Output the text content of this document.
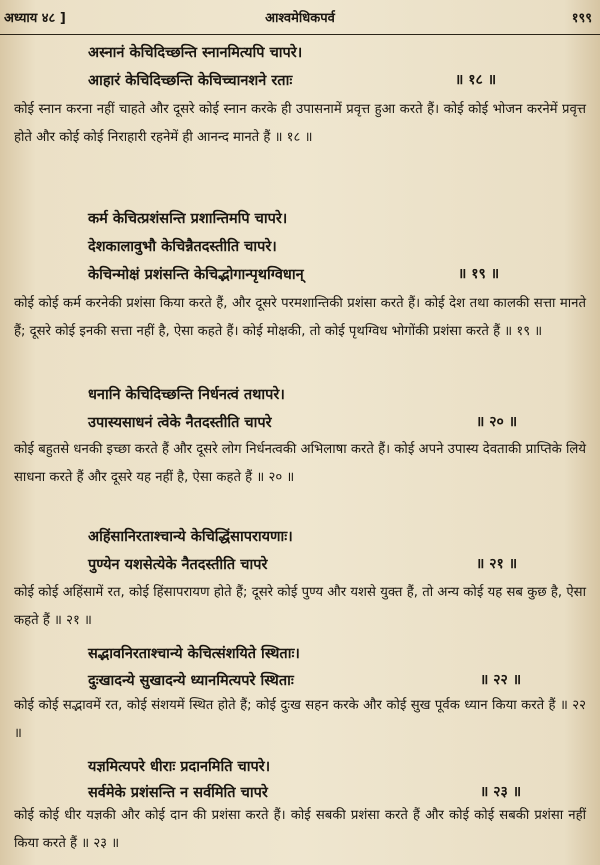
आश्वमेधिकपर्व
अध्याय ४८ ]	१९९
अस्नानं केचिदिच्छन्ति स्नानमित्यपि चापरे।
आहारं केचिदिच्छन्ति केचिच्चानशने रताः	॥ १८ ॥
कोई स्नान करना नहीं चाहते और दूसरे कोई स्नान करके ही उपासनामें प्रवृत्त हुआ करते हैं। कोई कोई भोजन करनेमें प्रवृत्त होते और कोई कोई निराहारी रहनेमें ही आनन्द मानते हैं ॥ १८ ॥
कर्म केचित्प्रशंसन्ति प्रशान्तिमपि चापरे।
देशकालावुभौ केचिन्नैतदस्तीति चापरे।
केचिन्मोक्षं प्रशंसन्ति केचिद्भोगान्पृथग्विधान्	॥ १९ ॥
कोई कोई कर्म करनेकी प्रशंसा किया करते हैं, और दूसरे परमशान्तिकी प्रशंसा करते हैं। कोई देश तथा कालकी सत्ता मानते हैं; दूसरे कोई इनकी सत्ता नहीं है, ऐसा कहते हैं। कोई मोक्षकी, तो कोई पृथग्विध भोगोंकी प्रशंसा करते हैं ॥ १९ ॥
धनानि केचिदिच्छन्ति निर्धनत्वं तथापरे।
उपास्यसाधनं त्वेके नैतदस्तीति चापरे	॥ २० ॥
कोई बहुतसे धनकी इच्छा करते हैं और दूसरे लोग निर्धनत्वकी अभिलाषा करते हैं। कोई अपने उपास्य देवताकी प्राप्तिके लिये साधना करते हैं और दूसरे यह नहीं है, ऐसा कहते हैं ॥ २० ॥
अहिंसानिरताश्चान्ये केचिद्धिंसापरायणाः।
पुण्येन यशसेत्येके नैतदस्तीति चापरे	॥ २१ ॥
कोई कोई अहिंसामें रत, कोई हिंसापरायण होते हैं; दूसरे कोई पुण्य और यशसे युक्त हैं, तो अन्य कोई यह सब कुछ है, ऐसा कहते हैं ॥ २१ ॥
सद्भावनिरताश्चान्ये केचित्संशयिते स्थिताः।
दुःखादन्ये सुखादन्ये ध्यानमित्यपरे स्थिताः	॥ २२ ॥
कोई कोई सद्भावमें रत, कोई संशयमें स्थित होते हैं; कोई दुःख सहन करके और कोई सुख पूर्वक ध्यान किया करते हैं ॥ २२ ॥
यज्ञमित्यपरे धीराः प्रदानमिति चापरे।
सर्वमेके प्रशंसन्ति न सर्वमिति चापरे	॥ २३ ॥
कोई कोई धीर यज्ञकी और कोई दान की प्रशंसा करते हैं। कोई सबकी प्रशंसा करते हैं और कोई कोई सबकी प्रशंसा नहीं किया करते हैं ॥ २३ ॥
